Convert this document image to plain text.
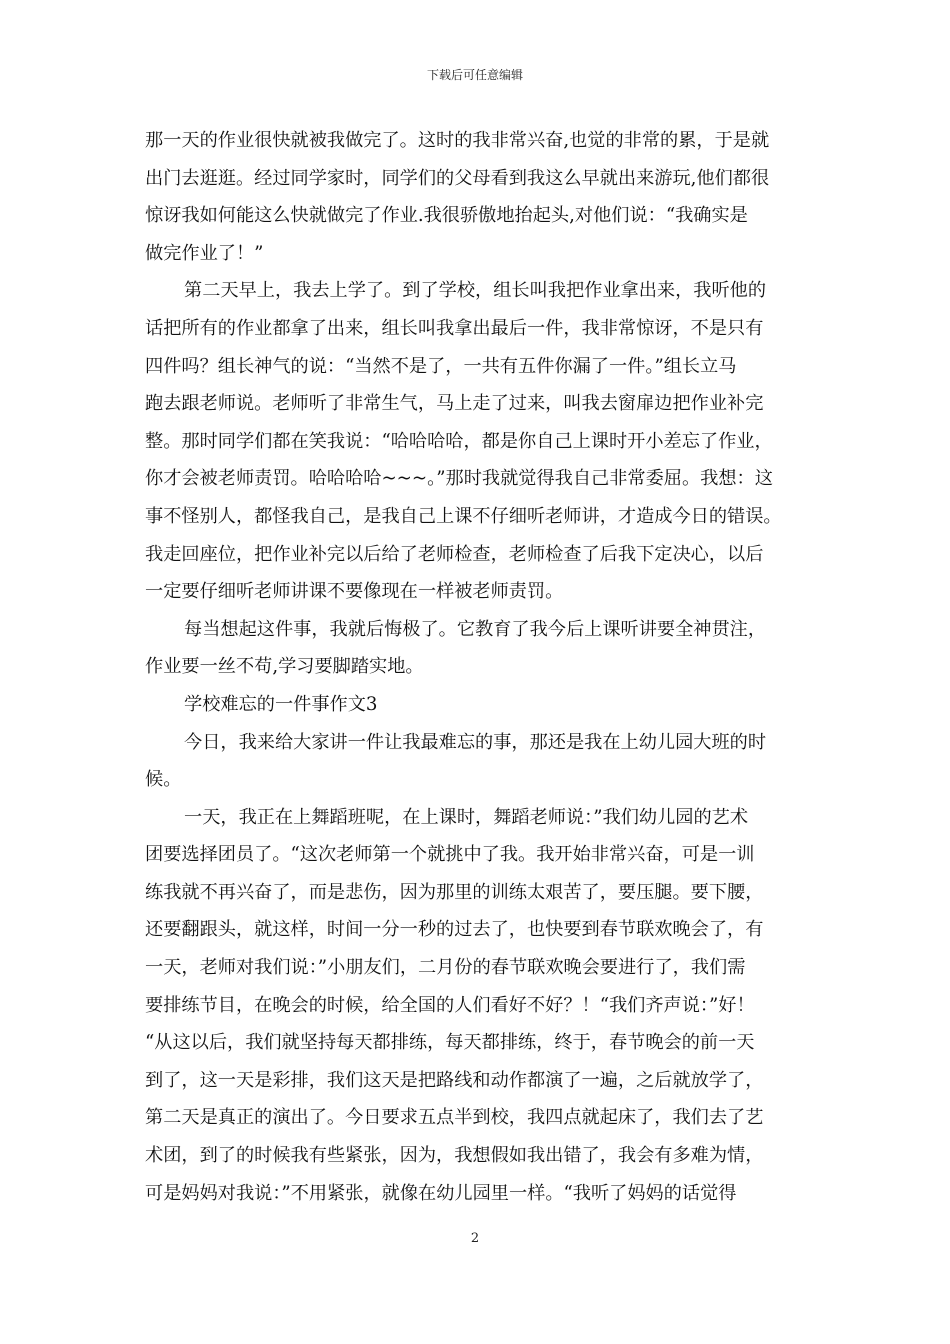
下载后可任意编辑
那一天的作业很快就被我做完了。这时的我非常兴奋,也觉的非常的累，于是就
出门去逛逛。经过同学家时，同学们的父母看到我这么早就出来游玩,他们都很
惊讶我如何能这么快就做完了作业.我很骄傲地抬起头,对他们说：“我确实是
做完作业了！”
第二天早上，我去上学了。到了学校，组长叫我把作业拿出来，我听他的
话把所有的作业都拿了出来，组长叫我拿出最后一件，我非常惊讶，不是只有
四件吗？组长神气的说：“当然不是了，一共有五件你漏了一件。”组长立马
跑去跟老师说。老师听了非常生气，马上走了过来，叫我去窗扉边把作业补完
整。那时同学们都在笑我说：“哈哈哈哈，都是你自己上课时开小差忘了作业，
你才会被老师责罚。哈哈哈哈~~~。”那时我就觉得我自己非常委屈。我想：这
事不怪别人，都怪我自己，是我自己上课不仔细听老师讲，才造成今日的错误。
我走回座位，把作业补完以后给了老师检查，老师检查了后我下定决心，以后
一定要仔细听老师讲课不要像现在一样被老师责罚。
每当想起这件事，我就后悔极了。它教育了我今后上课听讲要全神贯注，
作业要一丝不苟,学习要脚踏实地。
学校难忘的一件事作文3
今日，我来给大家讲一件让我最难忘的事，那还是我在上幼儿园大班的时
候。
一天，我正在上舞蹈班呢，在上课时，舞蹈老师说：”我们幼儿园的艺术
团要选择团员了。“这次老师第一个就挑中了我。我开始非常兴奋，可是一训
练我就不再兴奋了，而是悲伤，因为那里的训练太艰苦了，要压腿。要下腰，
还要翻跟头，就这样，时间一分一秒的过去了，也快要到春节联欢晚会了，有
一天，老师对我们说：”小朋友们，二月份的春节联欢晚会要进行了，我们需
要排练节目，在晚会的时候，给全国的人们看好不好？！“我们齐声说：”好！
“从这以后，我们就坚持每天都排练，每天都排练，终于，春节晚会的前一天
到了，这一天是彩排，我们这天是把路线和动作都演了一遍，之后就放学了，
第二天是真正的演出了。今日要求五点半到校，我四点就起床了，我们去了艺
术团，到了的时候我有些紧张，因为，我想假如我出错了，我会有多难为情，
可是妈妈对我说：”不用紧张，就像在幼儿园里一样。“我听了妈妈的话觉得
2
